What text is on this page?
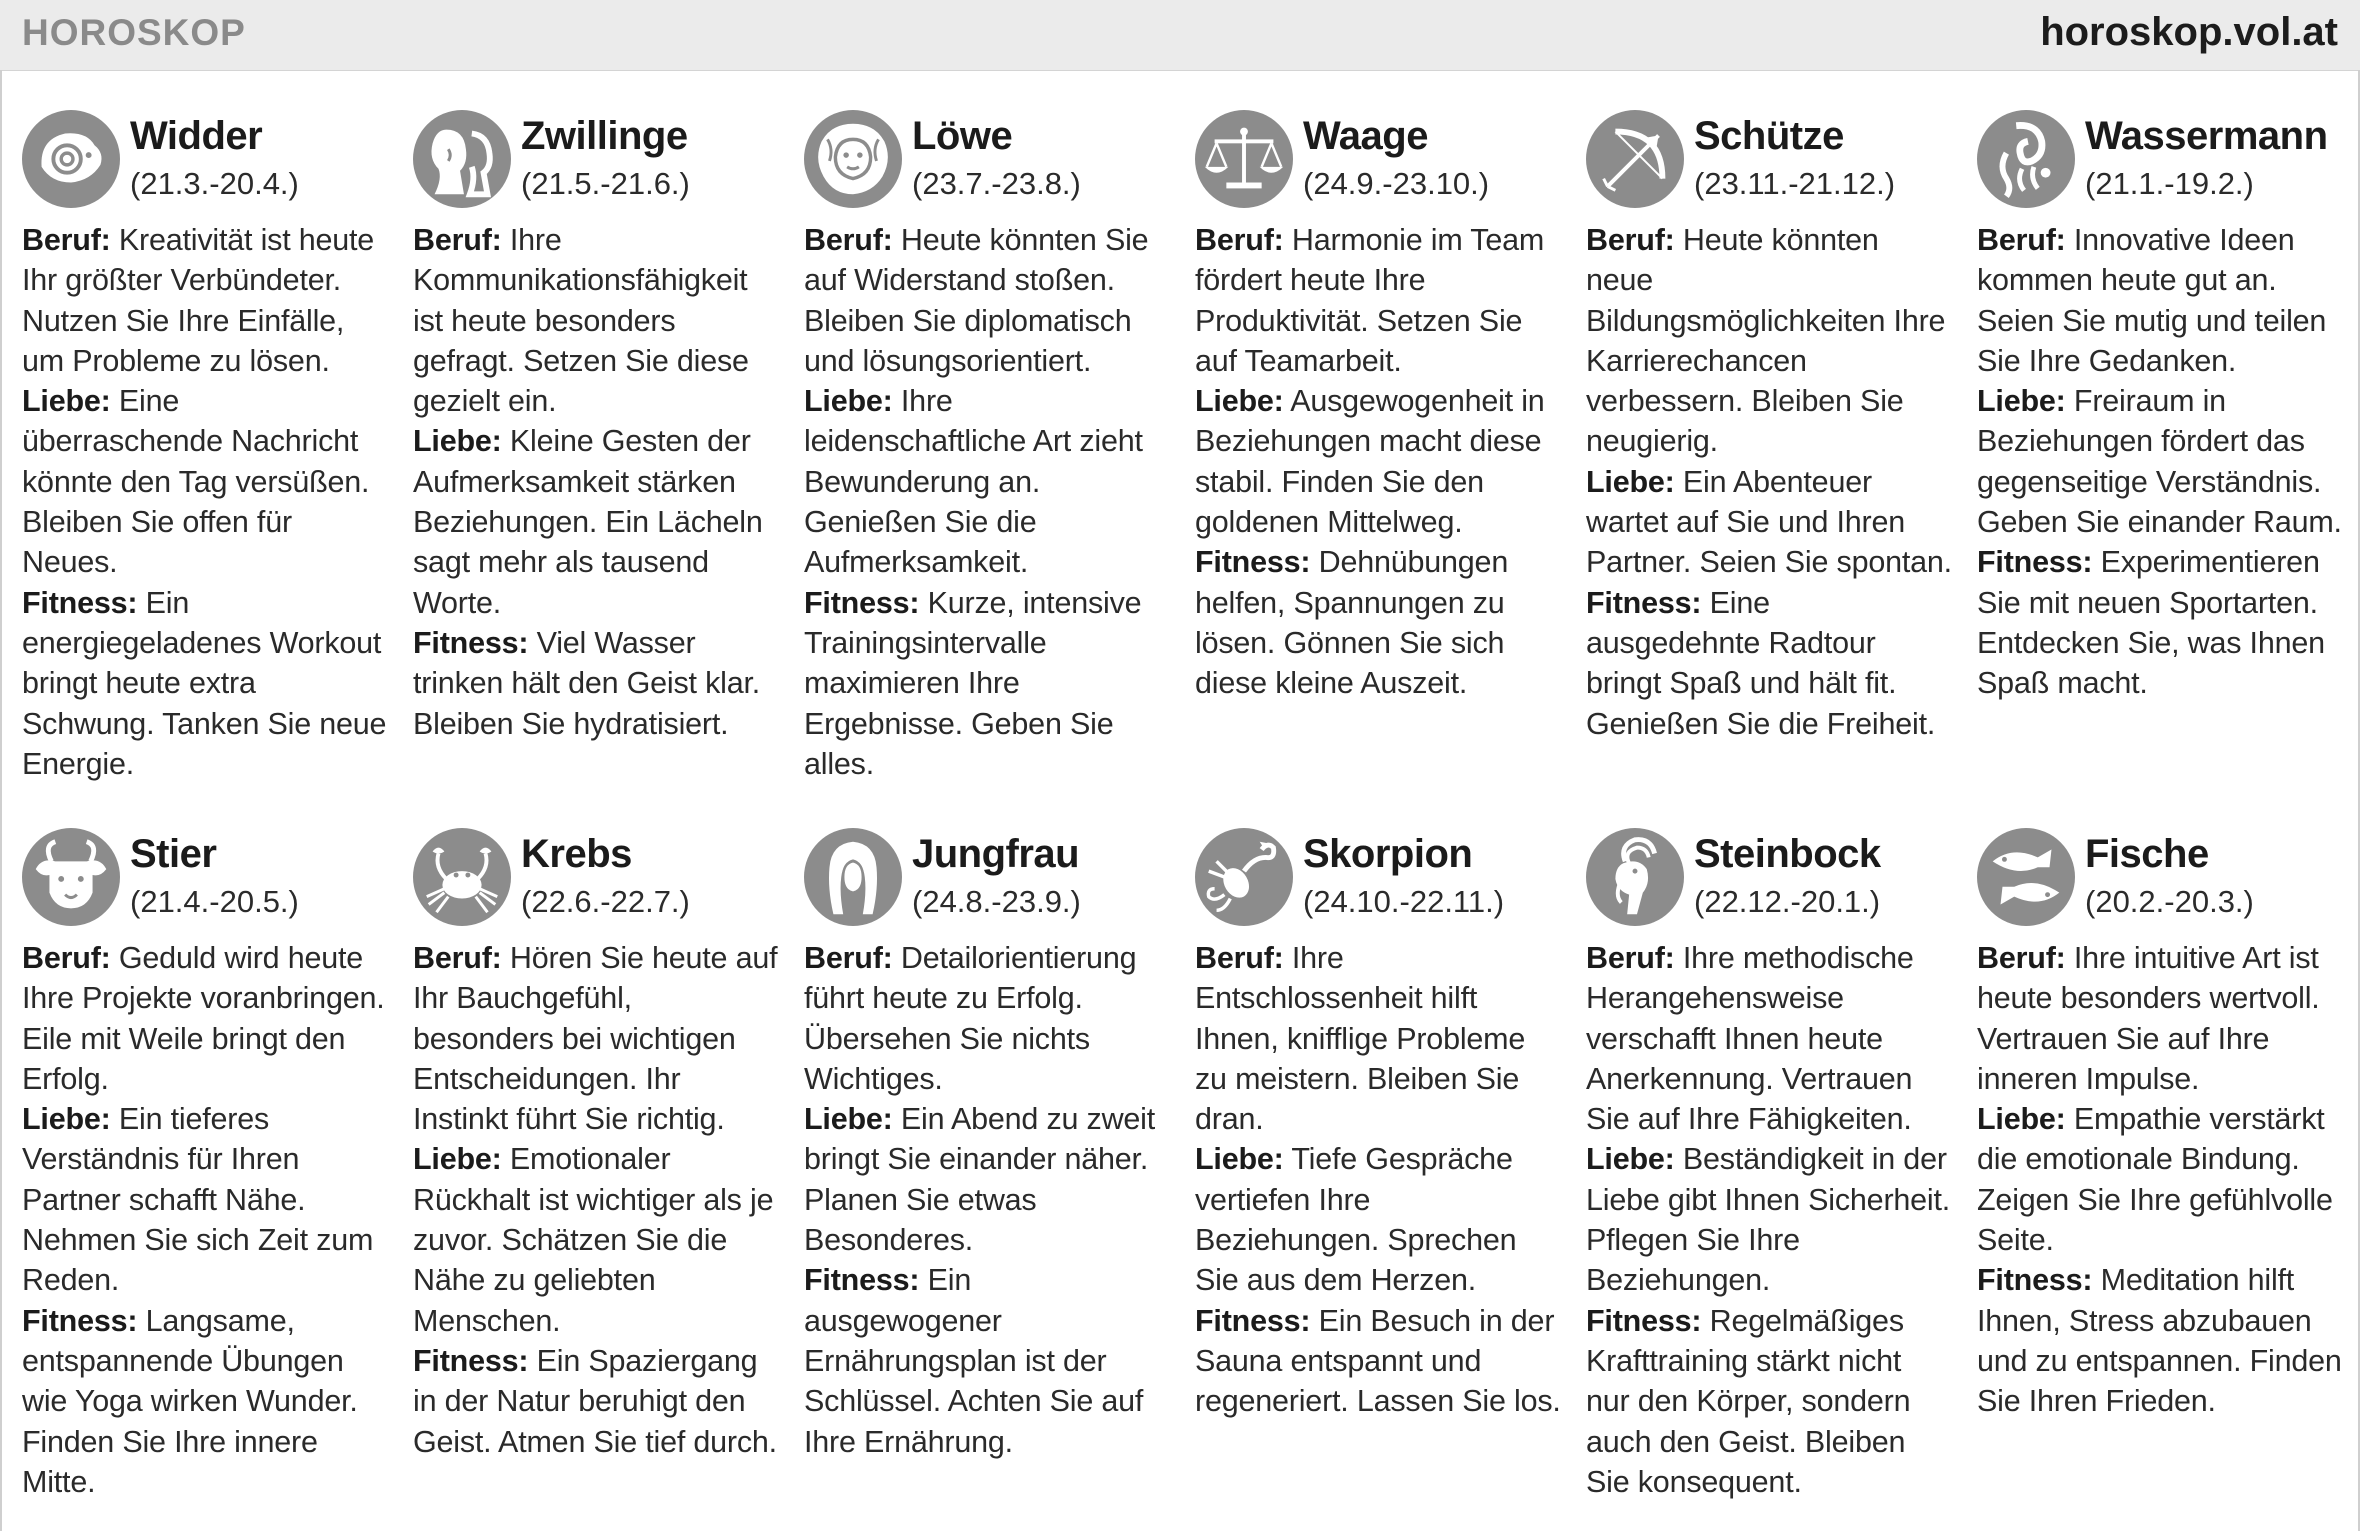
HOROSKOP	horoskop.vol.at
Widder
(21.3.-20.4.)
Beruf: Kreativität ist heute Ihr größter Verbündeter. Nutzen Sie Ihre Einfälle, um Probleme zu lösen.
Liebe: Eine überraschende Nachricht könnte den Tag versüßen. Bleiben Sie offen für Neues.
Fitness: Ein energiegeladenes Workout bringt heute extra Schwung. Tanken Sie neue Energie.
Zwillinge
(21.5.-21.6.)
Beruf: Ihre Kommunikationsfähigkeit ist heute besonders gefragt. Setzen Sie diese gezielt ein.
Liebe: Kleine Gesten der Aufmerksamkeit stärken Beziehungen. Ein Lächeln sagt mehr als tausend Worte.
Fitness: Viel Wasser trinken hält den Geist klar. Bleiben Sie hydratisiert.
Löwe
(23.7.-23.8.)
Beruf: Heute könnten Sie auf Widerstand stoßen. Bleiben Sie diplomatisch und lösungsorientiert.
Liebe: Ihre leidenschaftliche Art zieht Bewunderung an. Genießen Sie die Aufmerksamkeit.
Fitness: Kurze, intensive Trainingsintervalle maximieren Ihre Ergebnisse. Geben Sie alles.
Waage
(24.9.-23.10.)
Beruf: Harmonie im Team fördert heute Ihre Produktivität. Setzen Sie auf Teamarbeit.
Liebe: Ausgewogenheit in Beziehungen macht diese stabil. Finden Sie den goldenen Mittelweg.
Fitness: Dehnübungen helfen, Spannungen zu lösen. Gönnen Sie sich diese kleine Auszeit.
Schütze
(23.11.-21.12.)
Beruf: Heute könnten neue Bildungsmöglichkeiten Ihre Karrierechancen verbessern. Bleiben Sie neugierig.
Liebe: Ein Abenteuer wartet auf Sie und Ihren Partner. Seien Sie spontan.
Fitness: Eine ausgedehnte Radtour bringt Spaß und hält fit. Genießen Sie die Freiheit.
Wassermann
(21.1.-19.2.)
Beruf: Innovative Ideen kommen heute gut an. Seien Sie mutig und teilen Sie Ihre Gedanken.
Liebe: Freiraum in Beziehungen fördert das gegenseitige Verständnis. Geben Sie einander Raum.
Fitness: Experimentieren Sie mit neuen Sportarten. Entdecken Sie, was Ihnen Spaß macht.
Stier
(21.4.-20.5.)
Beruf: Geduld wird heute Ihre Projekte voranbringen. Eile mit Weile bringt den Erfolg.
Liebe: Ein tieferes Verständnis für Ihren Partner schafft Nähe. Nehmen Sie sich Zeit zum Reden.
Fitness: Langsame, entspannende Übungen wie Yoga wirken Wunder. Finden Sie Ihre innere Mitte.
Krebs
(22.6.-22.7.)
Beruf: Hören Sie heute auf Ihr Bauchgefühl, besonders bei wichtigen Entscheidungen. Ihr Instinkt führt Sie richtig.
Liebe: Emotionaler Rückhalt ist wichtiger als je zuvor. Schätzen Sie die Nähe zu geliebten Menschen.
Fitness: Ein Spaziergang in der Natur beruhigt den Geist. Atmen Sie tief durch.
Jungfrau
(24.8.-23.9.)
Beruf: Detailorientierung führt heute zu Erfolg. Übersehen Sie nichts Wichtiges.
Liebe: Ein Abend zu zweit bringt Sie einander näher. Planen Sie etwas Besonderes.
Fitness: Ein ausgewogener Ernährungsplan ist der Schlüssel. Achten Sie auf Ihre Ernährung.
Skorpion
(24.10.-22.11.)
Beruf: Ihre Entschlossenheit hilft Ihnen, knifflige Probleme zu meistern. Bleiben Sie dran.
Liebe: Tiefe Gespräche vertiefen Ihre Beziehungen. Sprechen Sie aus dem Herzen.
Fitness: Ein Besuch in der Sauna entspannt und regeneriert. Lassen Sie los.
Steinbock
(22.12.-20.1.)
Beruf: Ihre methodische Herangehensweise verschafft Ihnen heute Anerkennung. Vertrauen Sie auf Ihre Fähigkeiten.
Liebe: Beständigkeit in der Liebe gibt Ihnen Sicherheit. Pflegen Sie Ihre Beziehungen.
Fitness: Regelmäßiges Krafttraining stärkt nicht nur den Körper, sondern auch den Geist. Bleiben Sie konsequent.
Fische
(20.2.-20.3.)
Beruf: Ihre intuitive Art ist heute besonders wertvoll. Vertrauen Sie auf Ihre inneren Impulse.
Liebe: Empathie verstärkt die emotionale Bindung. Zeigen Sie Ihre gefühlvolle Seite.
Fitness: Meditation hilft Ihnen, Stress abzubauen und zu entspannen. Finden Sie Ihren Frieden.
